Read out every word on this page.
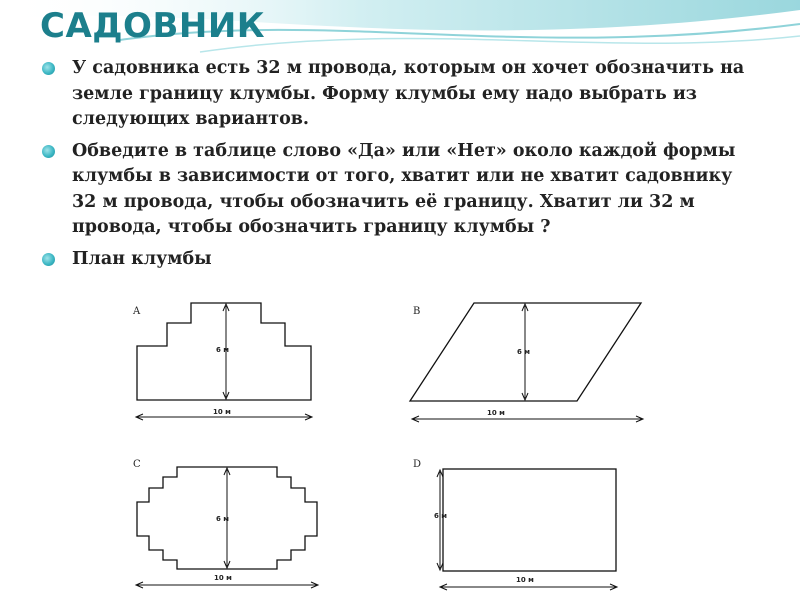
САДОВНИК

У садовника есть 32 м провода, которым он хочет обозначить на земле границу клумбы. Форму клумбы ему надо выбрать из следующих вариантов.

Обведите в таблице слово «Да» или «Нет» около каждой формы клумбы в зависимости от того, хватит или не хватит садовнику 32 м провода, чтобы обозначить её границу. Хватит ли 32 м провода, чтобы обозначить границу клумбы ?

План клумбы

A
6 м
10 м
B
6 м
10 м
C
6 м
10 м
D
6 м
10 м
